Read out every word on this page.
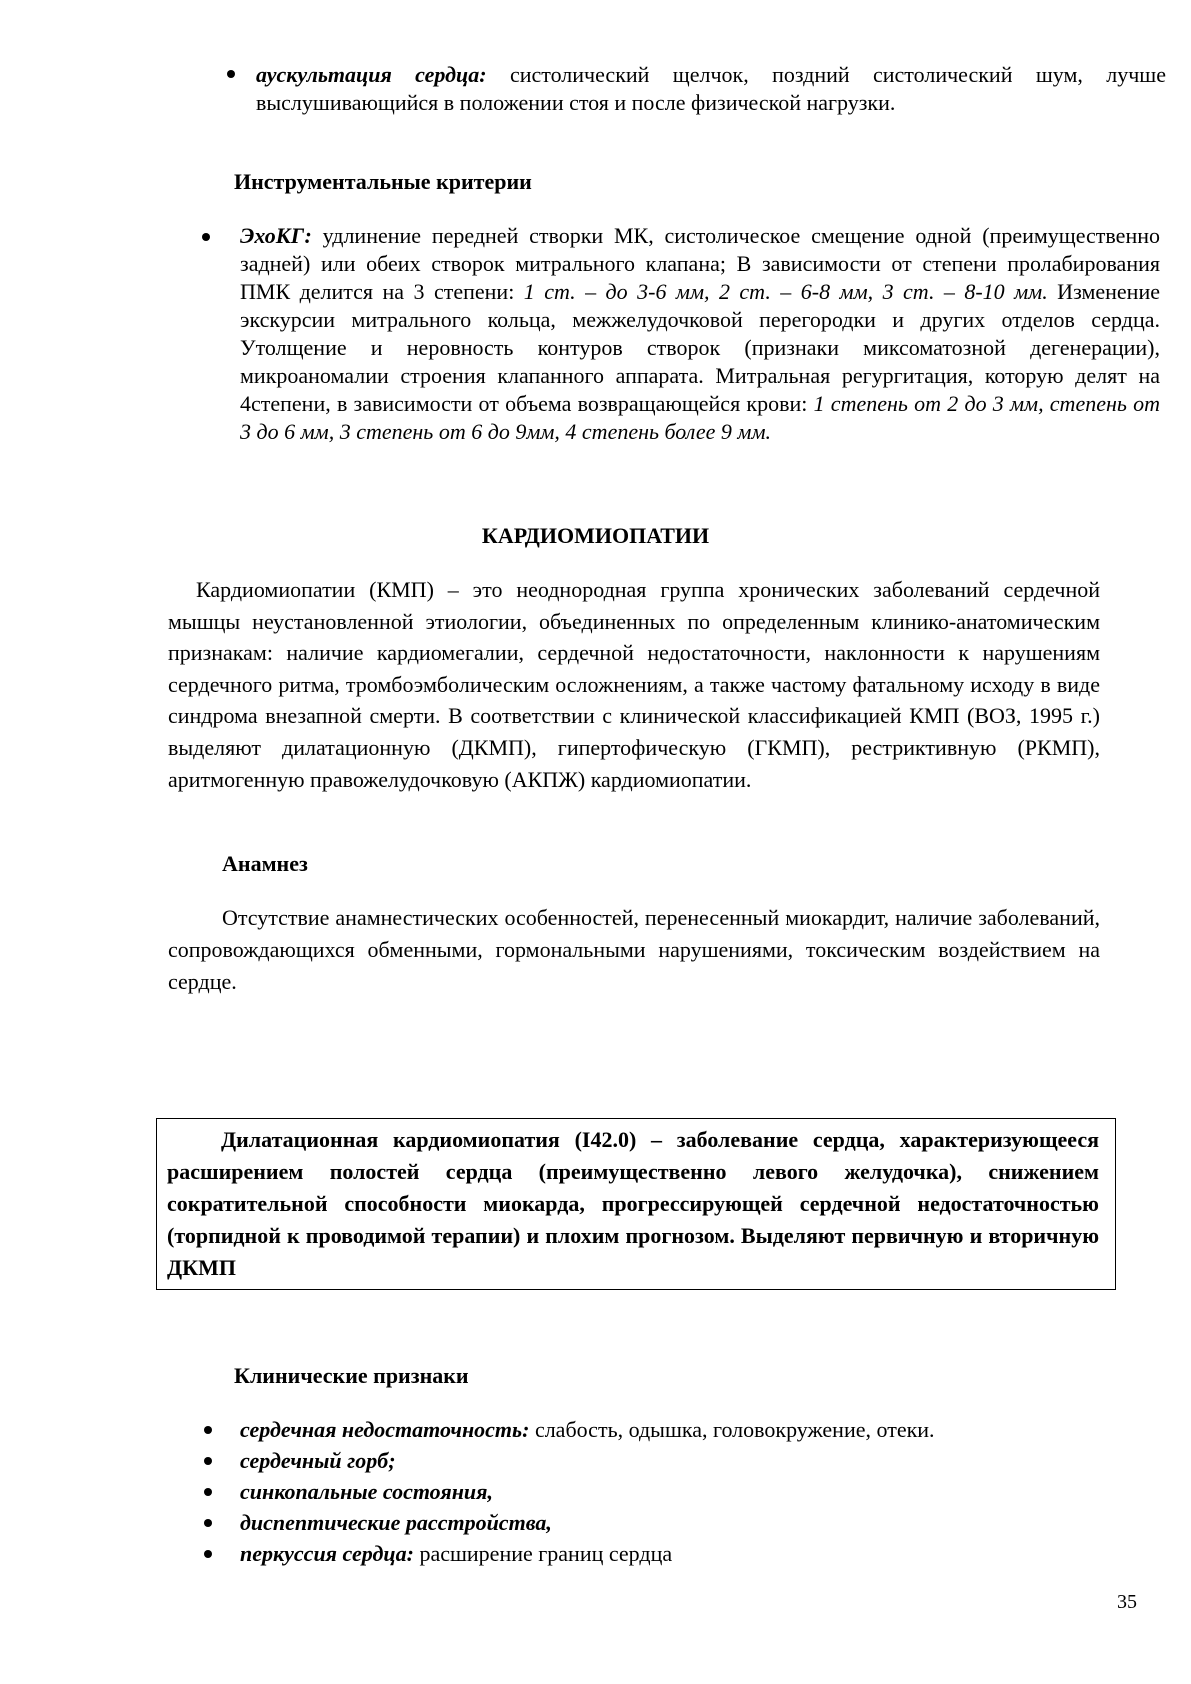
аускультация сердца: систолический щелчок, поздний систолический шум, лучше выслушивающийся в положении стоя и после физической нагрузки.

Инструментальные критерии

ЭхоКГ: удлинение передней створки МК, систолическое смещение одной (преимущественно задней) или обеих створок митрального клапана; В зависимости от степени пролабирования ПМК делится на 3 степени: 1 ст. – до 3-6 мм, 2 ст. – 6-8 мм, 3 ст. – 8-10 мм. Изменение экскурсии митрального кольца, межжелудочковой перегородки и других отделов сердца. Утолщение и неровность контуров створок (признаки миксоматозной дегенерации), микроаномалии строения клапанного аппарата. Митральная регургитация, которую делят на 4степени, в зависимости от объема возвращающейся крови: 1 степень от 2 до 3 мм, степень от 3 до 6 мм, 3 степень от 6 до 9мм, 4 степень более 9 мм.

КАРДИОМИОПАТИИ

Кардиомиопатии (КМП) – это неоднородная группа хронических заболеваний сердечной мышцы неустановленной этиологии, объединенных по определенным клинико-анатомическим признакам: наличие кардиомегалии, сердечной недостаточности, наклонности к нарушениям сердечного ритма, тромбоэмболическим осложнениям, а также частому фатальному исходу в виде синдрома внезапной смерти. В соответствии с клинической классификацией КМП (ВОЗ, 1995 г.) выделяют дилатационную (ДКМП), гипертофическую (ГКМП), рестриктивную (РКМП), аритмогенную правожелудочковую (АКПЖ) кардиомиопатии.

Анамнез

Отсутствие анамнестических особенностей, перенесенный миокардит, наличие заболеваний, сопровождающихся обменными, гормональными нарушениями, токсическим воздействием на сердце.

Дилатационная кардиомиопатия (I42.0) – заболевание сердца, характеризующееся расширением полостей сердца (преимущественно левого желудочка), снижением сократительной способности миокарда, прогрессирующей сердечной недостаточностью (торпидной к проводимой терапии) и плохим прогнозом. Выделяют первичную и вторичную ДКМП

Клинические признаки

сердечная недостаточность: слабость, одышка, головокружение, отеки.

сердечный горб;

синкопальные состояния,

диспептические расстройства,

перкуссия сердца: расширение границ сердца

35
